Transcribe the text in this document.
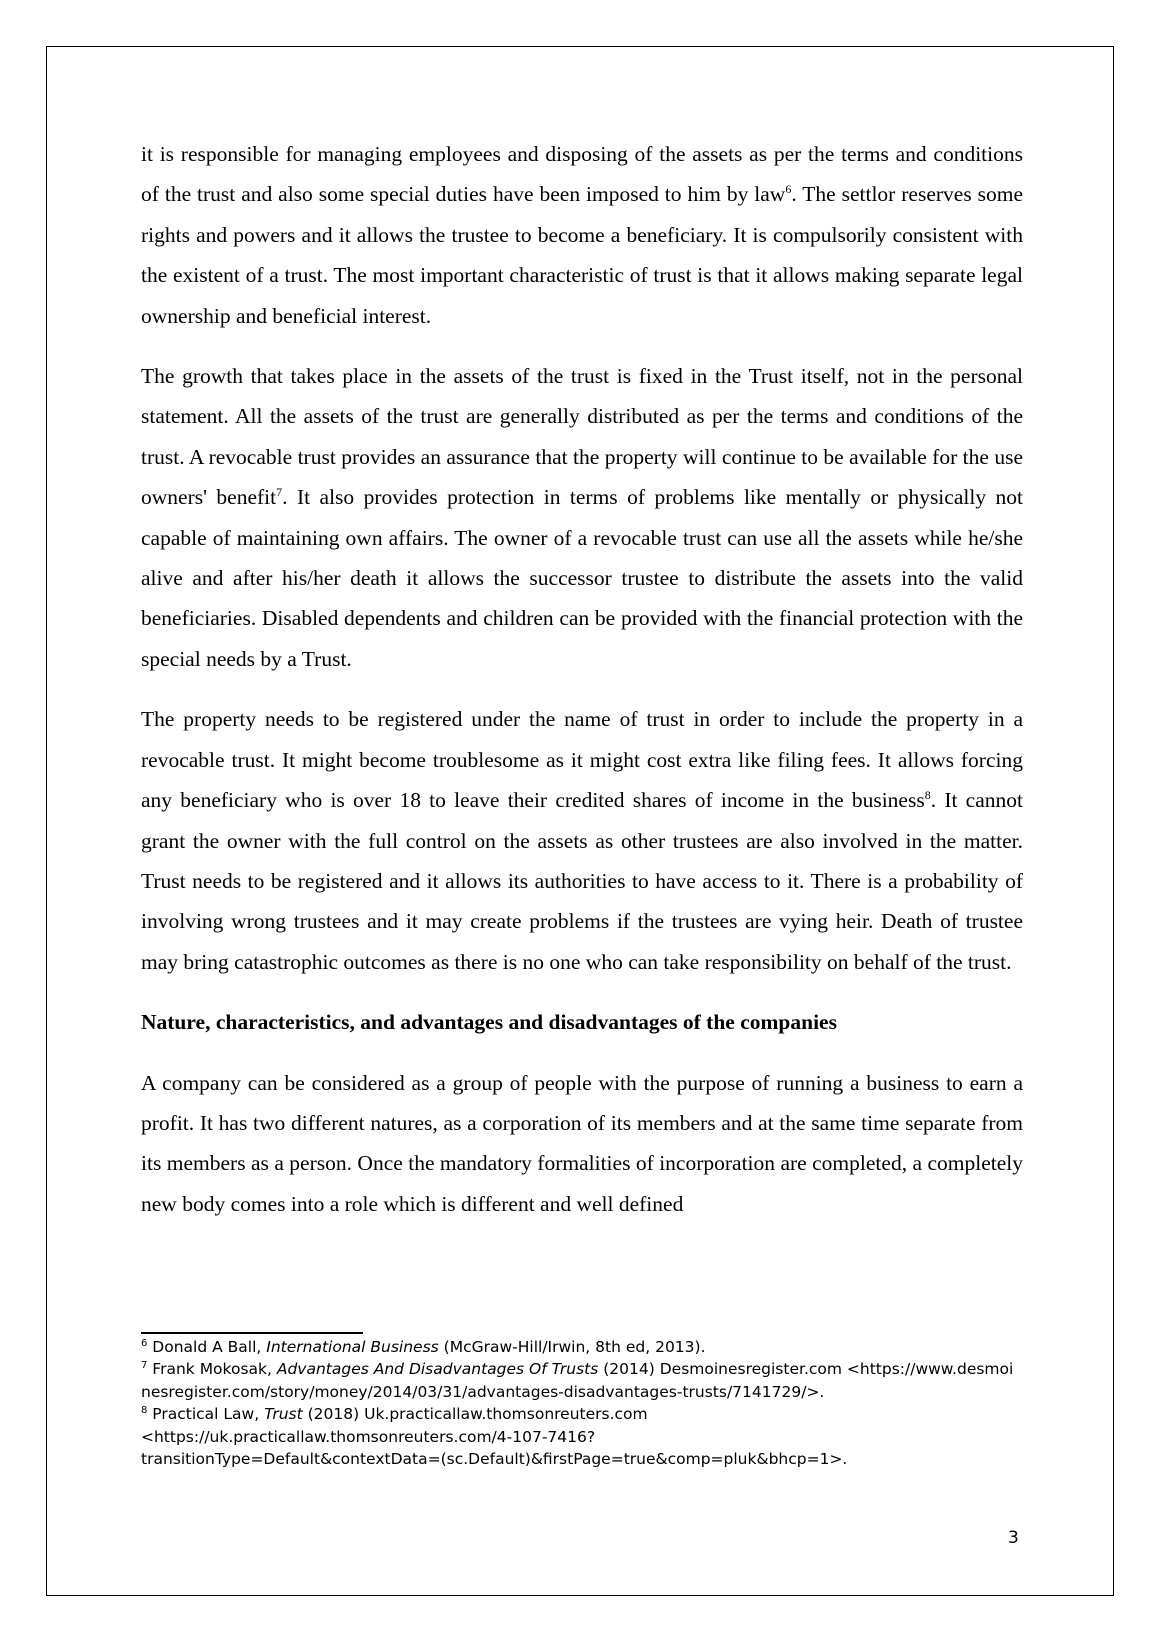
it is responsible for managing employees and disposing of the assets as per the terms and conditions of the trust and also some special duties have been imposed to him by law$^6$. The settlor reserves some rights and powers and it allows the trustee to become a beneficiary. It is compulsorily consistent with the existent of a trust. The most important characteristic of trust is that it allows making separate legal ownership and beneficial interest.

The growth that takes place in the assets of the trust is fixed in the Trust itself, not in the personal statement. All the assets of the trust are generally distributed as per the terms and conditions of the trust. A revocable trust provides an assurance that the property will continue to be available for the use owners' benefit$^7$. It also provides protection in terms of problems like mentally or physically not capable of maintaining own affairs. The owner of a revocable trust can use all the assets while he/she alive and after his/her death it allows the successor trustee to distribute the assets into the valid beneficiaries. Disabled dependents and children can be provided with the financial protection with the special needs by a Trust.

The property needs to be registered under the name of trust in order to include the property in a revocable trust. It might become troublesome as it might cost extra like filing fees. It allows forcing any beneficiary who is over 18 to leave their credited shares of income in the business$^8$. It cannot grant the owner with the full control on the assets as other trustees are also involved in the matter. Trust needs to be registered and it allows its authorities to have access to it. There is a probability of involving wrong trustees and it may create problems if the trustees are vying heir. Death of trustee may bring catastrophic outcomes as there is no one who can take responsibility on behalf of the trust.

Nature, characteristics, and advantages and disadvantages of the companies

A company can be considered as a group of people with the purpose of running a business to earn a profit. It has two different natures, as a corporation of its members and at the same time separate from its members as a person. Once the mandatory formalities of incorporation are completed, a completely new body comes into a role which is different and well defined

$^6$ Donald A Ball, International Business (McGraw-Hill/Irwin, 8th ed, 2013).

$^7$ Frank Mokosak, Advantages And Disadvantages Of Trusts (2014) Desmoinesregister.com <https://www.desmoinesregister.com/story/money/2014/03/31/advantages-disadvantages-trusts/7141729/>.

$^8$ Practical Law, Trust (2018) Uk.practicallaw.thomsonreuters.com
<https://uk.practicallaw.thomsonreuters.com/4-107-7416?
transitionType=Default&contextData=(sc.Default)&firstPage=true&comp=pluk&bhcp=1>.

3
